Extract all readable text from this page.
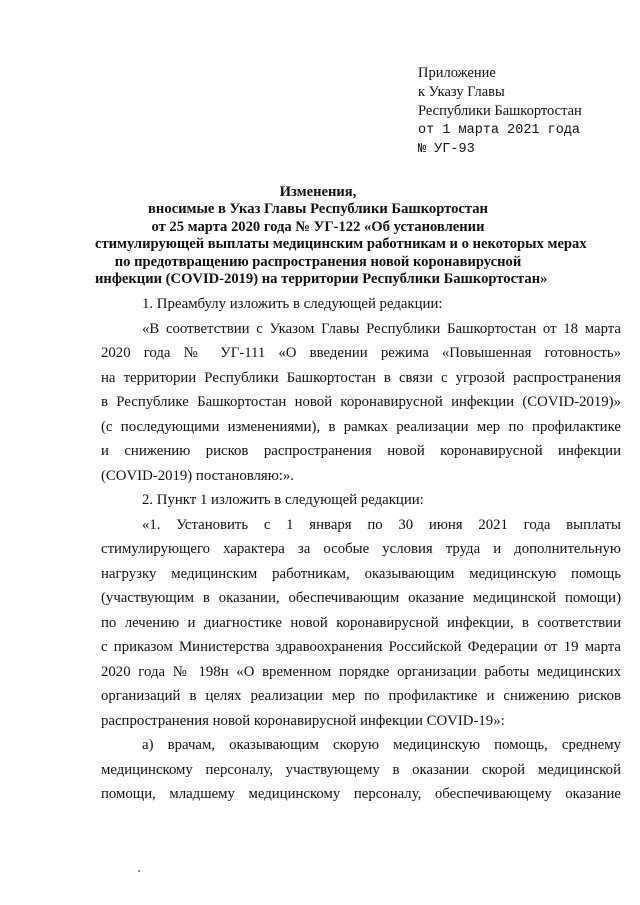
Приложение
к Указу Главы
Республики Башкортостан
от 1 марта 2021 года
№ УГ-93
Изменения,
вносимые в Указ Главы Республики Башкортостан
от 25 марта 2020 года № УГ-122 «Об установлении
стимулирующей выплаты медицинским работникам и о некоторых мерах
по предотвращению распространения новой коронавирусной
инфекции (COVID-2019) на территории Республики Башкортостан»

1. Преамбулу изложить в следующей редакции:

«В соответствии с Указом Главы Республики Башкортостан от 18 марта
2020 года № УГ-111 «О введении режима «Повышенная готовность»
на территории Республики Башкортостан в связи с угрозой распространения
в Республике Башкортостан новой коронавирусной инфекции (COVID-2019)»
(с последующими изменениями), в рамках реализации мер по профилактике
и снижению рисков распространения новой коронавирусной инфекции
(COVID-2019) постановляю:».

2. Пункт 1 изложить в следующей редакции:

«1. Установить с 1 января по 30 июня 2021 года выплаты
стимулирующего характера за особые условия труда и дополнительную
нагрузку медицинским работникам, оказывающим медицинскую помощь
(участвующим в оказании, обеспечивающим оказание медицинской помощи)
по лечению и диагностике новой коронавирусной инфекции, в соответствии
с приказом Министерства здравоохранения Российской Федерации от 19 марта
2020 года № 198н «О временном порядке организации работы медицинских
организаций в целях реализации мер по профилактике и снижению рисков
распространения новой коронавирусной инфекции COVID-19»:
а) врачам, оказывающим скорую медицинскую помощь, среднему
медицинскому персоналу, участвующему в оказании скорой медицинской
помощи, младшему медицинскому персоналу, обеспечивающему оказание
